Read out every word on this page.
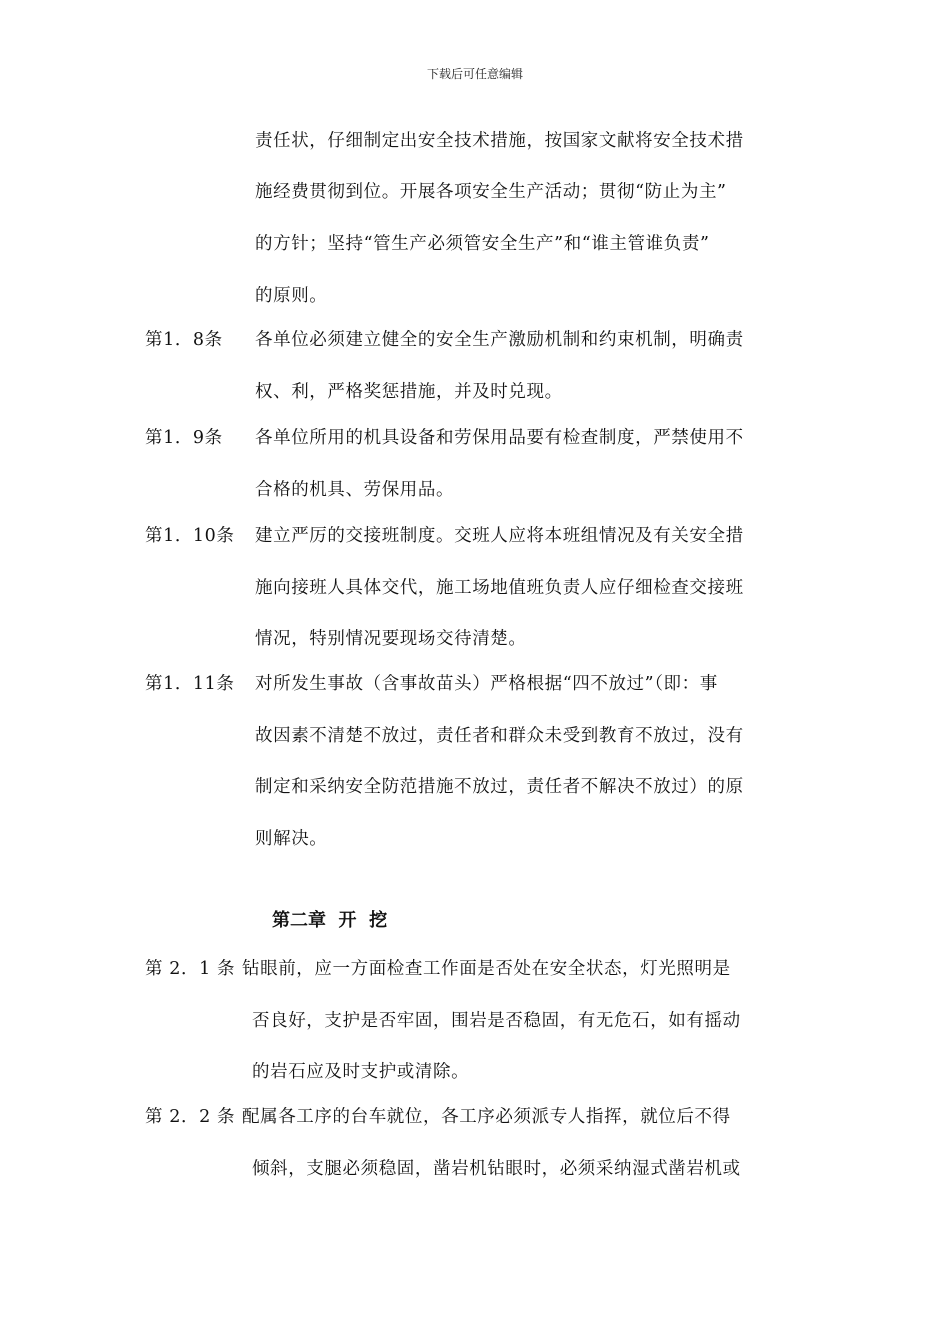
下载后可任意编辑
责任状，仔细制定出安全技术措施，按国家文献将安全技术措
施经费贯彻到位。开展各项安全生产活动；贯彻“防止为主”
的方针；坚持“管生产必须管安全生产”和“谁主管谁负责”
的原则。
第1．8条 各单位必须建立健全的安全生产激励机制和约束机制，明确责
权、利，严格奖惩措施，并及时兑现。
第1．9条 各单位所用的机具设备和劳保用品要有检查制度，严禁使用不
合格的机具、劳保用品。
第1．10条 建立严厉的交接班制度。交班人应将本班组情况及有关安全措
施向接班人具体交代，施工场地值班负责人应仔细检查交接班
情况，特别情况要现场交待清楚。
第1．11条 对所发生事故（含事故苗头）严格根据“四不放过”（即：事
故因素不清楚不放过，责任者和群众未受到教育不放过，没有
制定和采纳安全防范措施不放过，责任者不解决不放过）的原
则解决。
第二章  开  挖
第 2．1 条 钻眼前，应一方面检查工作面是否处在安全状态，灯光照明是
否良好，支护是否牢固，围岩是否稳固，有无危石，如有摇动
的岩石应及时支护或清除。
第 2．2 条 配属各工序的台车就位，各工序必须派专人指挥，就位后不得
倾斜，支腿必须稳固，凿岩机钻眼时，必须采纳湿式凿岩机或
